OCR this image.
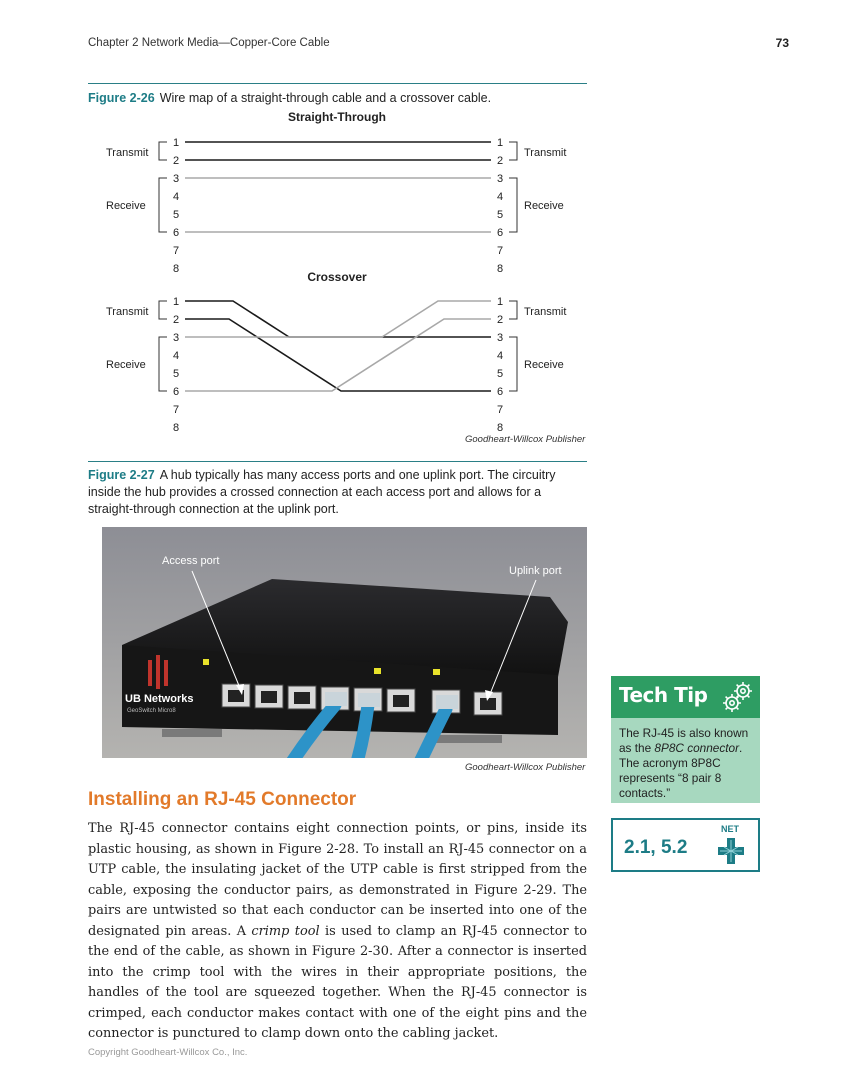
Chapter 2 Network Media—Copper-Core Cable	73
Figure 2-26 Wire map of a straight-through cable and a crossover cable.
Straight-Through
Crossover
1	1
2	2
3	3
4	4
5	5
6	6
7	7
8	8
1	1
2	2
3	3
4	4
5	5
6	6
7	7
8	8
Transmit
Receive
Transmit
Receive
Transmit
Receive
Transmit
Receive
Goodheart-Willcox Publisher
Figure 2-27 A hub typically has many access ports and one uplink port. The circuitry inside the hub provides a crossed connection at each access port and allows for a straight-through connection at the uplink port.
UB Networks
GeoSwitch Micro8
Access port
Uplink port
Goodheart-Willcox Publisher
Installing an RJ-45 Connector

The RJ-45 connector contains eight connection points, or pins, inside its plastic housing, as shown in Figure 2-28. To install an RJ-45 connector on a UTP cable, the insulating jacket of the UTP cable is first stripped from the cable, exposing the conductor pairs, as demonstrated in Figure 2-29. The pairs are untwisted so that each conductor can be inserted into one of the designated pin areas. A crimp tool is used to clamp an RJ-45 connector to the end of the cable, as shown in Figure 2-30. After a connector is inserted into the crimp tool with the wires in their appropriate positions, the handles of the tool are squeezed together. When the RJ-45 connector is crimped, each conductor makes contact with one of the eight pins and the connector is punctured to clamp down onto the cabling jacket.

Tech Tip
The RJ-45 is also known as the 8P8C connector. The acronym 8P8C represents “8 pair 8 contacts.”
2.1, 5.2
NET
Copyright Goodheart-Willcox Co., Inc.
